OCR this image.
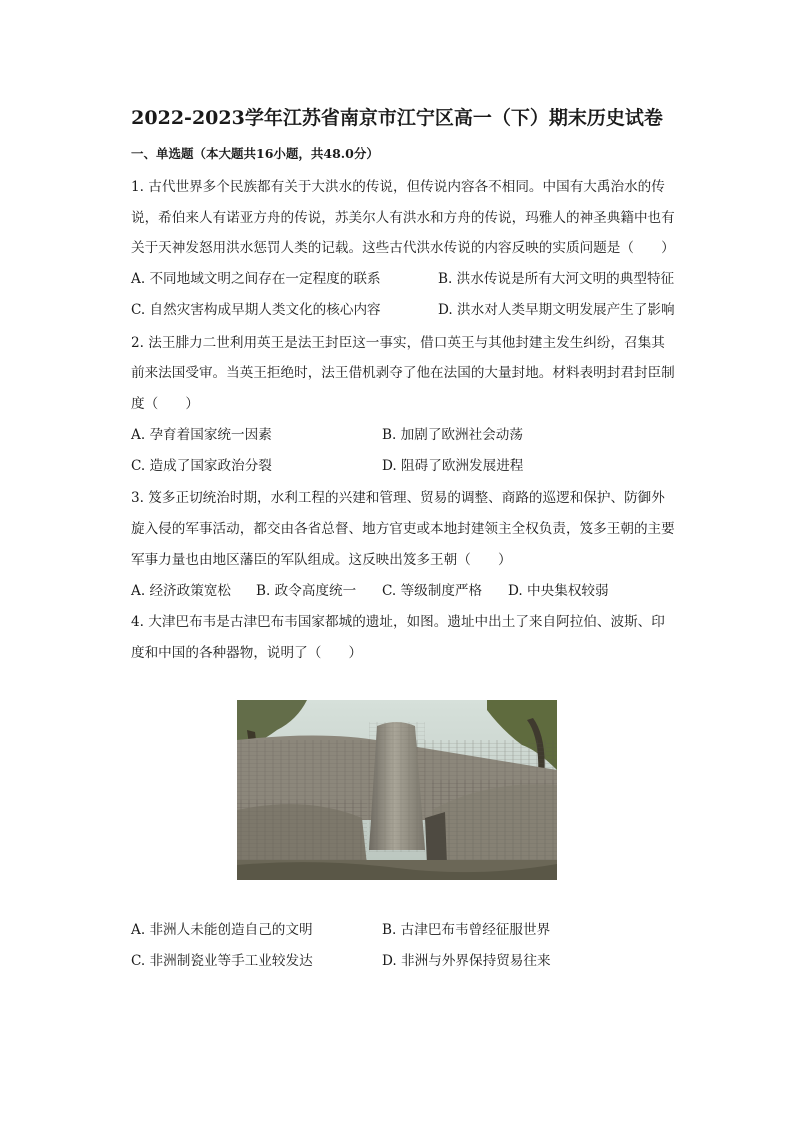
2022-2023学年江苏省南京市江宁区高一（下）期末历史试卷
一、单选题（本大题共16小题，共48.0分）
1. 古代世界多个民族都有关于大洪水的传说，但传说内容各不相同。中国有大禹治水的传
说，希伯来人有诺亚方舟的传说，苏美尔人有洪水和方舟的传说，玛雅人的神圣典籍中也有
关于天神发怒用洪水惩罚人类的记载。这些古代洪水传说的内容反映的实质问题是（　　）
A. 不同地域文明之间存在一定程度的联系	B. 洪水传说是所有大河文明的典型特征
C. 自然灾害构成早期人类文化的核心内容	D. 洪水对人类早期文明发展产生了影响
2. 法王腓力二世利用英王是法王封臣这一事实，借口英王与其他封建主发生纠纷，召集其
前来法国受审。当英王拒绝时，法王借机剥夺了他在法国的大量封地。材料表明封君封臣制
度（　　）
A. 孕育着国家统一因素	B. 加剧了欧洲社会动荡
C. 造成了国家政治分裂	D. 阻碍了欧洲发展进程
3. 笈多正切统治时期，水利工程的兴建和管理、贸易的调整、商路的巡逻和保护、防御外
旋入侵的军事活动，都交由各省总督、地方官吏或本地封建领主全权负责，笈多王朝的主要
军事力量也由地区藩臣的军队组成。这反映出笈多王朝（　　）
A. 经济政策宽松 B. 政令高度统一 C. 等级制度严格 D. 中央集权较弱
4. 大津巴布韦是古津巴布韦国家都城的遗址，如图。遗址中出土了来自阿拉伯、波斯、印
度和中国的各种器物，说明了（　　）
A. 非洲人未能创造自己的文明	B. 古津巴布韦曾经征服世界
C. 非洲制瓷业等手工业较发达	D. 非洲与外界保持贸易往来
